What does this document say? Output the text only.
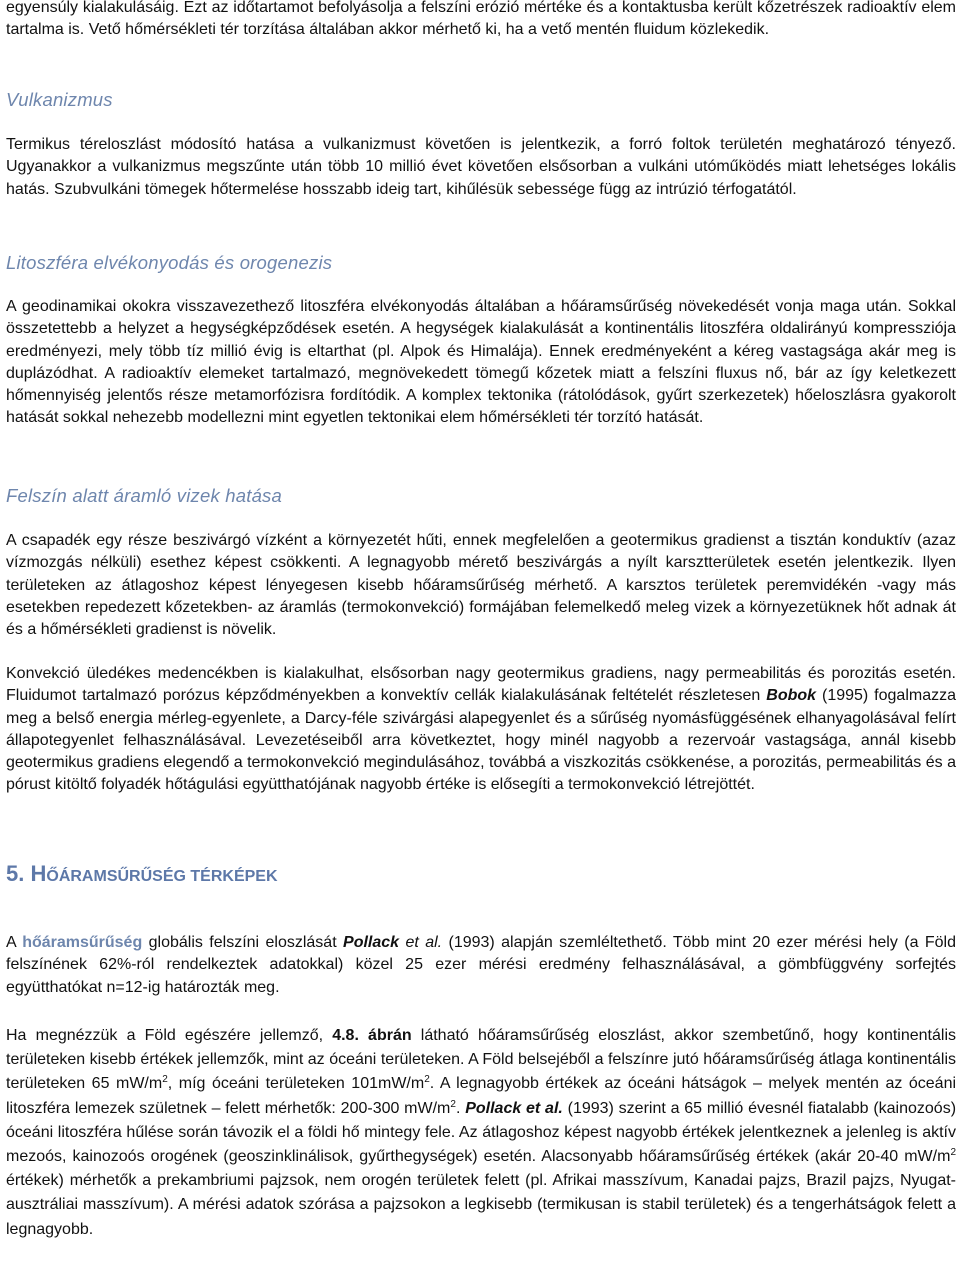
egyensúly kialakulásáig. Ezt az időtartamot befolyásolja a felszíni erózió mértéke és a kontaktusba került kőzetrészek radioaktív elem tartalma is. Vető hőmérsékleti tér torzítása általában akkor mérhető ki, ha a vető mentén fluidum közlekedik.

Vulkanizmus

Termikus téreloszlást módosító hatása a vulkanizmust követően is jelentkezik, a forró foltok területén meghatározó tényező. Ugyanakkor a vulkanizmus megszűnte után több 10 millió évet követően elsősorban a vulkáni utóműködés miatt lehetséges lokális hatás. Szubvulkáni tömegek hőtermelése hosszabb ideig tart, kihűlésük sebessége függ az intrúzió térfogatától.

Litoszféra elvékonyodás és orogenezis

A geodinamikai okokra visszavezethező litoszféra elvékonyodás általában a hőáramsűrűség növekedését vonja maga után. Sokkal összetettebb a helyzet a hegységképződések esetén. A hegységek kialakulását a kontinentális litoszféra oldalirányú kompressziója eredményezi, mely több tíz millió évig is eltarthat (pl. Alpok és Himalája). Ennek eredményeként a kéreg vastagsága akár meg is duplázódhat. A radioaktív elemeket tartalmazó, megnövekedett tömegű kőzetek miatt a felszíni fluxus nő, bár az így keletkezett hőmennyiség jelentős része metamorfózisra fordítódik. A komplex tektonika (rátolódások, gyűrt szerkezetek) hőeloszlásra gyakorolt hatását sokkal nehezebb modellezni mint egyetlen tektonikai elem hőmérsékleti tér torzító hatását.

Felszín alatt áramló vizek hatása

A csapadék egy része beszivárgó vízként a környezetét hűti, ennek megfelelően a geotermikus gradienst a tisztán konduktív (azaz vízmozgás nélküli) esethez képest csökkenti. A legnagyobb mérető beszivárgás a nyílt karsztterületek esetén jelentkezik. Ilyen területeken az átlagoshoz képest lényegesen kisebb hőáramsűrűség mérhető. A karsztos területek peremvidékén -vagy más esetekben repedezett kőzetekben- az áramlás (termokonvekció) formájában felemelkedő meleg vizek a környezetüknek hőt adnak át és a hőmérsékleti gradienst is növelik.

Konvekció üledékes medencékben is kialakulhat, elsősorban nagy geotermikus gradiens, nagy permeabilitás és porozitás esetén. Fluidumot tartalmazó porózus képződményekben a konvektív cellák kialakulásának feltételét részletesen Bobok (1995) fogalmazza meg a belső energia mérleg-egyenlete, a Darcy-féle szivárgási alapegyenlet és a sűrűség nyomásfüggésének elhanyagolásával felírt állapotegyenlet felhasználásával. Levezetéseiből arra következtet, hogy minél nagyobb a rezervoár vastagsága, annál kisebb geotermikus gradiens elegendő a termokonvekció megindulásához, továbbá a viszkozitás csökkenése, a porozitás, permeabilitás és a pórust kitöltő folyadék hőtágulási együtthatójának nagyobb értéke is elősegíti a termokonvekció létrejöttét.

5. HŐÁRAMSŰRŰSÉG TÉRKÉPEK

A hőáramsűrűség globális felszíni eloszlását Pollack et al. (1993) alapján szemléltethető. Több mint 20 ezer mérési hely (a Föld felszínének 62%-ról rendelkeztek adatokkal) közel 25 ezer mérési eredmény felhasználásával, a gömbfüggvény sorfejtés együtthatókat n=12-ig határozták meg.

Ha megnézzük a Föld egészére jellemző, 4.8. ábrán látható hőáramsűrűség eloszlást, akkor szembetűnő, hogy kontinentális területeken kisebb értékek jellemzők, mint az óceáni területeken. A Föld belsejéből a felszínre jutó hőáramsűrűség átlaga kontinentális területeken 65 $mW/m^2$, míg óceáni területeken $101mW/m^2$. A legnagyobb értékek az óceáni hátságok – melyek mentén az óceáni litoszféra lemezek születnek – felett mérhetők: 200-300 $mW/m^2$. Pollack et al. (1993) szerint a 65 millió évesnél fiatalabb (kainozoós) óceáni litoszféra hűlése során távozik el a földi hő mintegy fele. Az átlagoshoz képest nagyobb értékek jelentkeznek a jelenleg is aktív mezoós, kainozoós orogének (geoszinklinálisok, gyűrthegységek) esetén. Alacsonyabb hőáramsűrűség értékek (akár 20-40 $mW/m^2$ értékek) mérhetők a prekambriumi pajzsok, nem orogén területek felett (pl. Afrikai masszívum, Kanadai pajzs, Brazil pajzs, Nyugat-ausztráliai masszívum). A mérési adatok szórása a pajzsokon a legkisebb (termikusan is stabil területek) és a tengerhátságok felett a legnagyobb.
